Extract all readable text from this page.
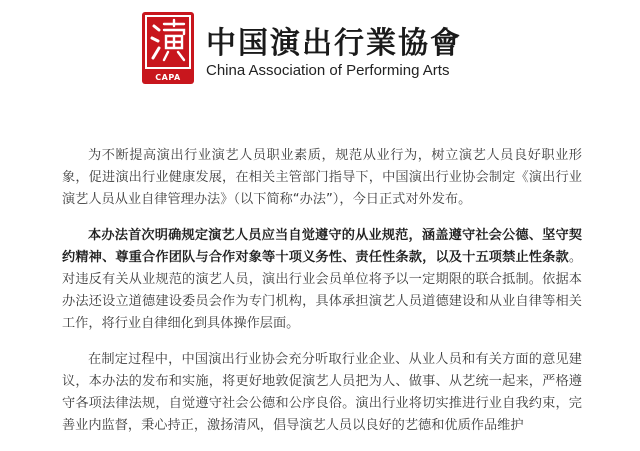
CAPA
中国演出行業協會
China Association of Performing Arts

为不断提高演出行业演艺人员职业素质，规范从业行为，树立演艺人员良好职业形象，促进演出行业健康发展，在相关主管部门指导下，中国演出行业协会制定《演出行业演艺人员从业自律管理办法》（以下简称“办法”），今日正式对外发布。

本办法首次明确规定演艺人员应当自觉遵守的从业规范，涵盖遵守社会公德、坚守契约精神、尊重合作团队与合作对象等十项义务性、责任性条款，以及十五项禁止性条款。对违反有关从业规范的演艺人员，演出行业会员单位将予以一定期限的联合抵制。依据本办法还设立道德建设委员会作为专门机构，具体承担演艺人员道德建设和从业自律等相关工作，将行业自律细化到具体操作层面。

在制定过程中，中国演出行业协会充分听取行业企业、从业人员和有关方面的意见建议，本办法的发布和实施，将更好地敦促演艺人员把为人、做事、从艺统一起来，严格遵守各项法律法规，自觉遵守社会公德和公序良俗。演出行业将切实推进行业自我约束，完善业内监督，秉心持正，激扬清风，倡导演艺人员以良好的艺德和优质作品维护
